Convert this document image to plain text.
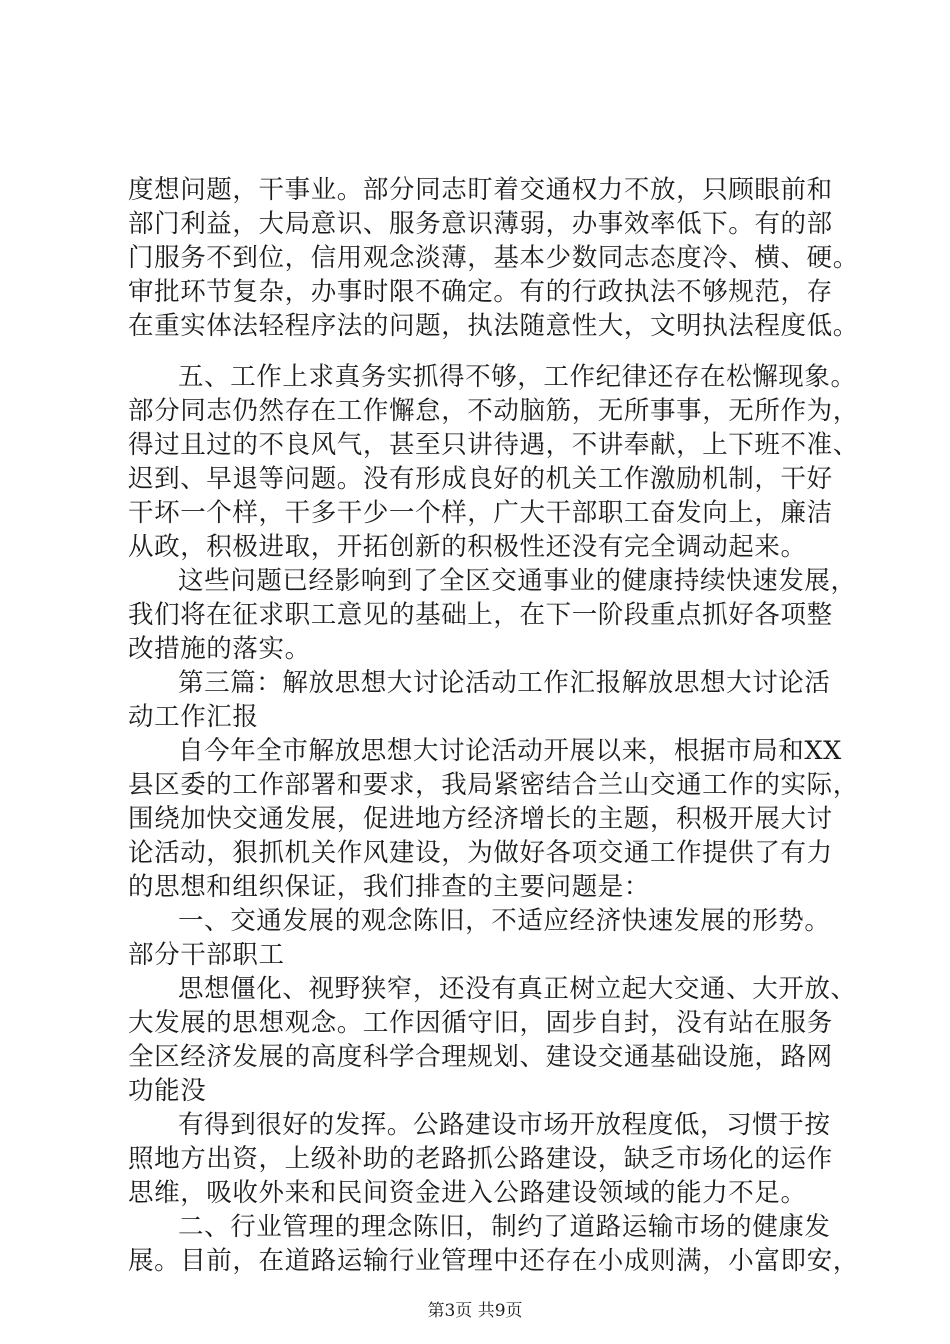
度想问题，干事业。部分同志盯着交通权力不放，只顾眼前和
部门利益，大局意识、服务意识薄弱，办事效率低下。有的部
门服务不到位，信用观念淡薄，基本少数同志态度冷、横、硬。
审批环节复杂，办事时限不确定。有的行政执法不够规范，存
在重实体法轻程序法的问题，执法随意性大，文明执法程度低。
五、工作上求真务实抓得不够，工作纪律还存在松懈现象。
部分同志仍然存在工作懈怠，不动脑筋，无所事事，无所作为，
得过且过的不良风气，甚至只讲待遇，不讲奉献，上下班不准、
迟到、早退等问题。没有形成良好的机关工作激励机制，干好
干坏一个样，干多干少一个样，广大干部职工奋发向上，廉洁
从政，积极进取，开拓创新的积极性还没有完全调动起来。
这些问题已经影响到了全区交通事业的健康持续快速发展，
我们将在征求职工意见的基础上，在下一阶段重点抓好各项整
改措施的落实。
第三篇：解放思想大讨论活动工作汇报解放思想大讨论活
动工作汇报
自今年全市解放思想大讨论活动开展以来，根据市局和XX
县区委的工作部署和要求，我局紧密结合兰山交通工作的实际，
围绕加快交通发展，促进地方经济增长的主题，积极开展大讨
论活动，狠抓机关作风建设，为做好各项交通工作提供了有力
的思想和组织保证，我们排查的主要问题是：
一、交通发展的观念陈旧，不适应经济快速发展的形势。
部分干部职工
思想僵化、视野狭窄，还没有真正树立起大交通、大开放、
大发展的思想观念。工作因循守旧，固步自封，没有站在服务
全区经济发展的高度科学合理规划、建设交通基础设施，路网
功能没
有得到很好的发挥。公路建设市场开放程度低，习惯于按
照地方出资，上级补助的老路抓公路建设，缺乏市场化的运作
思维，吸收外来和民间资金进入公路建设领域的能力不足。
二、行业管理的理念陈旧，制约了道路运输市场的健康发
展。目前，在道路运输行业管理中还存在小成则满，小富即安，
第3页 共9页
